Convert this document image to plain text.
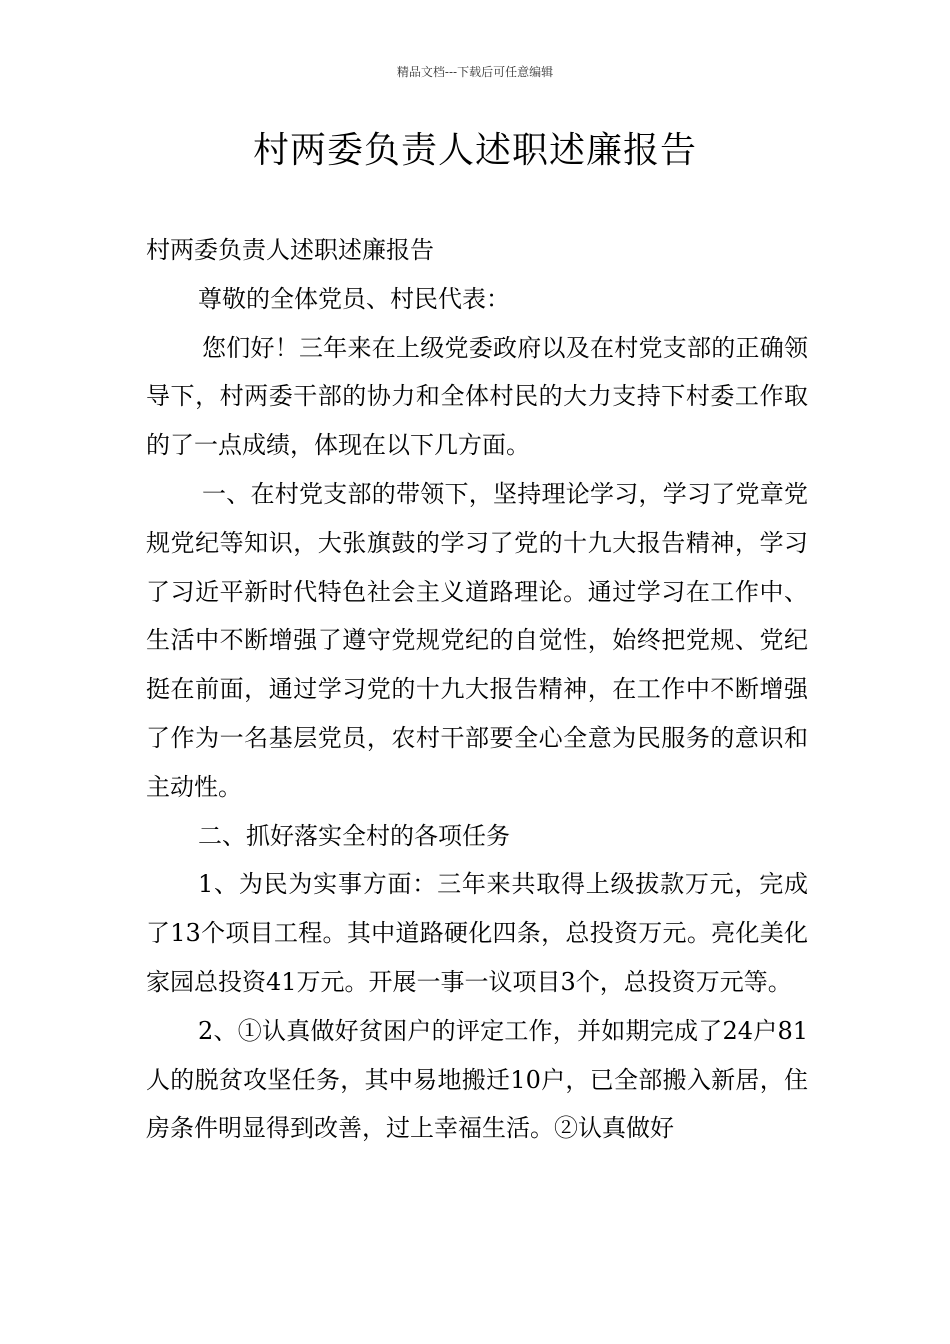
精品文档---下载后可任意编辑
村两委负责人述职述廉报告

村两委负责人述职述廉报告

尊敬的全体党员、村民代表：

您们好！三年来在上级党委政府以及在村党支部的正确领导下，村两委干部的协力和全体村民的大力支持下村委工作取的了一点成绩，体现在以下几方面。

一、在村党支部的带领下，坚持理论学习，学习了党章党规党纪等知识，大张旗鼓的学习了党的十九大报告精神，学习了习近平新时代特色社会主义道路理论。通过学习在工作中、生活中不断增强了遵守党规党纪的自觉性，始终把党规、党纪挺在前面，通过学习党的十九大报告精神，在工作中不断增强了作为一名基层党员，农村干部要全心全意为民服务的意识和主动性。

二、抓好落实全村的各项任务

1、为民为实事方面：三年来共取得上级拔款万元，完成了13个项目工程。其中道路硬化四条，总投资万元。亮化美化家园总投资41万元。开展一事一议项目3个，总投资万元等。

2、①认真做好贫困户的评定工作，并如期完成了24户81人的脱贫攻坚任务，其中易地搬迁10户，已全部搬入新居，住房条件明显得到改善，过上幸福生活。②认真做好
